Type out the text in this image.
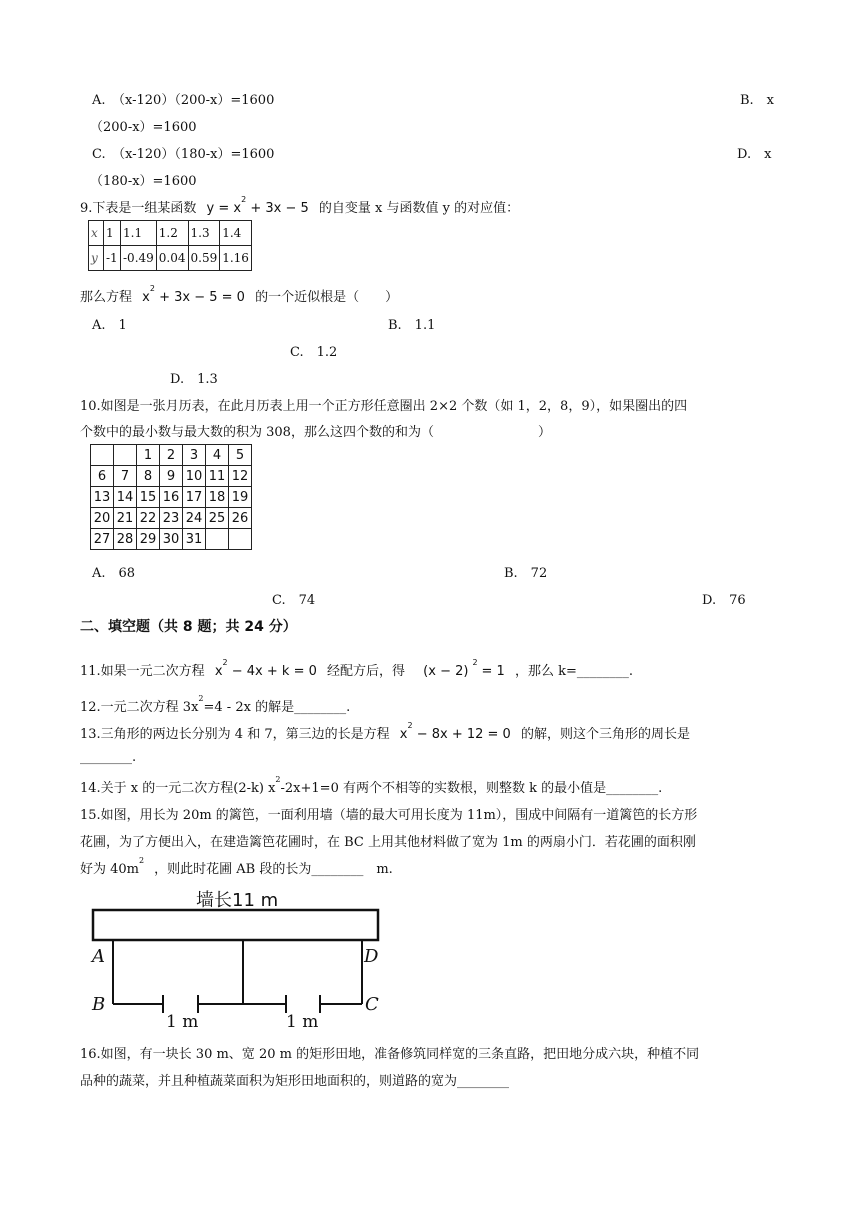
A.　（x-120）（200-x）=1600	B.　x
（200-x）=1600
C.　（x-120）（180-x）=1600	D.　x
（180-x）=1600
9.下表是一组某函数 $y = x^2 + 3x - 5$ 的自变量 x 与函数值 y 的对应值：
x	1	1.1	1.2	1.3	1.4
y	-1	-0.49	0.04	0.59	1.16
那么方程 $x^2 + 3x - 5 = 0$ 的一个近似根是（　　）
A.　1	B.　1.1
C.　1.2
D.　1.3
10.如图是一张月历表，在此月历表上用一个正方形任意圈出 2×2 个数（如 1，2，8，9），如果圈出的四
个数中的最小数与最大数的积为 308，那么这四个数的和为（　　　　　　　　）
		1	2	3	4	5
6	7	8	9	10	11	12
13	14	15	16	17	18	19
20	21	22	23	24	25	26
27	28	29	30	31		
A.　68	B.　72
C.　74	D.　76
二、填空题（共 8 题；共 24 分）
11.如果一元二次方程 $x^2 - 4x + k = 0$ 经配方后，得 $(x - 2)^2= 1$ ，那么 k=________.
12.一元二次方程 $3x^2=4 - 2x$ 的解是________.
13.三角形的两边长分别为 4 和 7，第三边的长是方程 $x^2 - 8x + 12 = 0$ 的解，则这个三角形的周长是
________.
14.关于 x 的一元二次方程(2-k) $x^2-2x+1=0$ 有两个不相等的实数根，则整数 k 的最小值是________.
15.如图，用长为 20m 的篱笆，一面利用墙（墙的最大可用长度为 11m），围成中间隔有一道篱笆的长方形
花圃，为了方便出入，在建造篱笆花圃时，在 BC 上用其他材料做了宽为 1m 的两扇小门．若花圃的面积刚
好为 $40m^2$，则此时花圃 AB 段的长为________　m.
墙长11 m
A	D
B	C
1 m	1 m
16.如图，有一块长 30 m、宽 20 m 的矩形田地，准备修筑同样宽的三条直路，把田地分成六块，种植不同
品种的蔬菜，并且种植蔬菜面积为矩形田地面积的，则道路的宽为________
